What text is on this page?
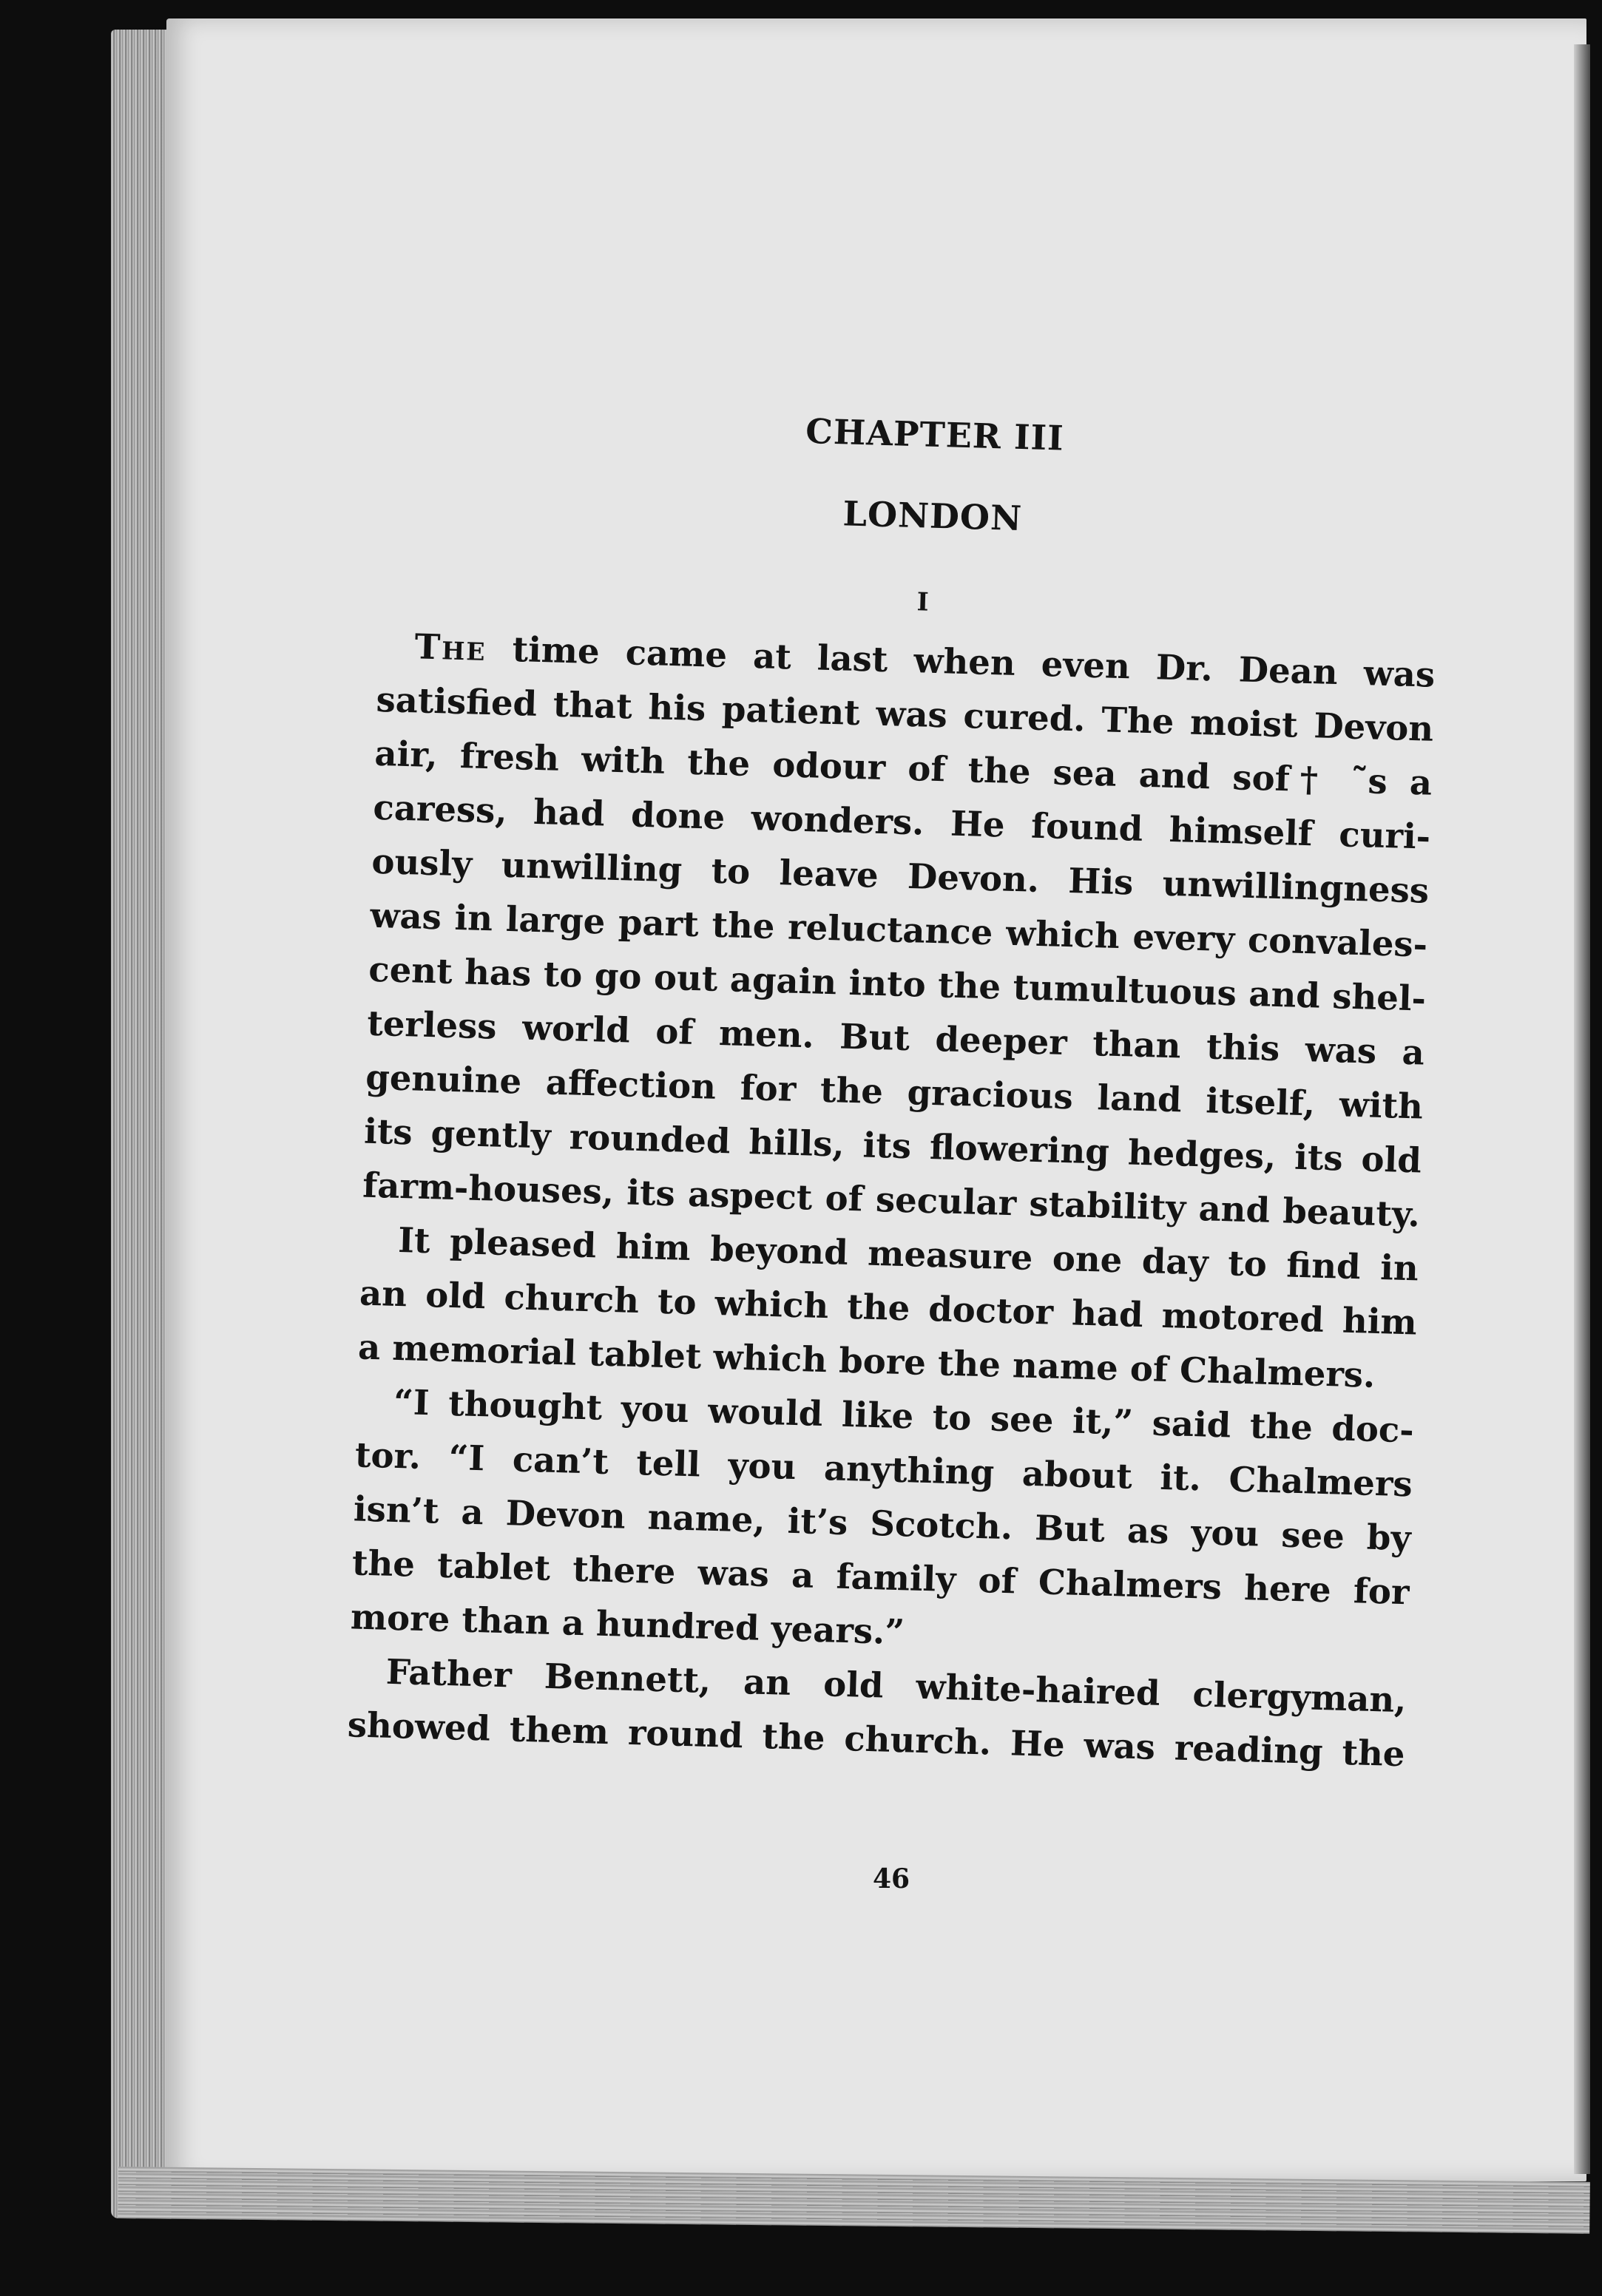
CHAPTER III
LONDON
I
The time came at last when even Dr. Dean was
satisfied that his patient was cured. The moist Devon
air, fresh with the odour of the sea and sof† ˜s a
caress, had done wonders. He found himself curi-
ously unwilling to leave Devon. His unwillingness
was in large part the reluctance which every convales-
cent has to go out again into the tumultuous and shel-
terless world of men. But deeper than this was a
genuine affection for the gracious land itself, with
its gently rounded hills, its flowering hedges, its old
farm-houses, its aspect of secular stability and beauty.
It pleased him beyond measure one day to find in
an old church to which the doctor had motored him
a memorial tablet which bore the name of Chalmers.
“I thought you would like to see it,” said the doc-
tor. “I can’t tell you anything about it. Chalmers
isn’t a Devon name, it’s Scotch. But as you see by
the tablet there was a family of Chalmers here for
more than a hundred years.”
Father Bennett, an old white-haired clergyman,
showed them round the church. He was reading the
46
